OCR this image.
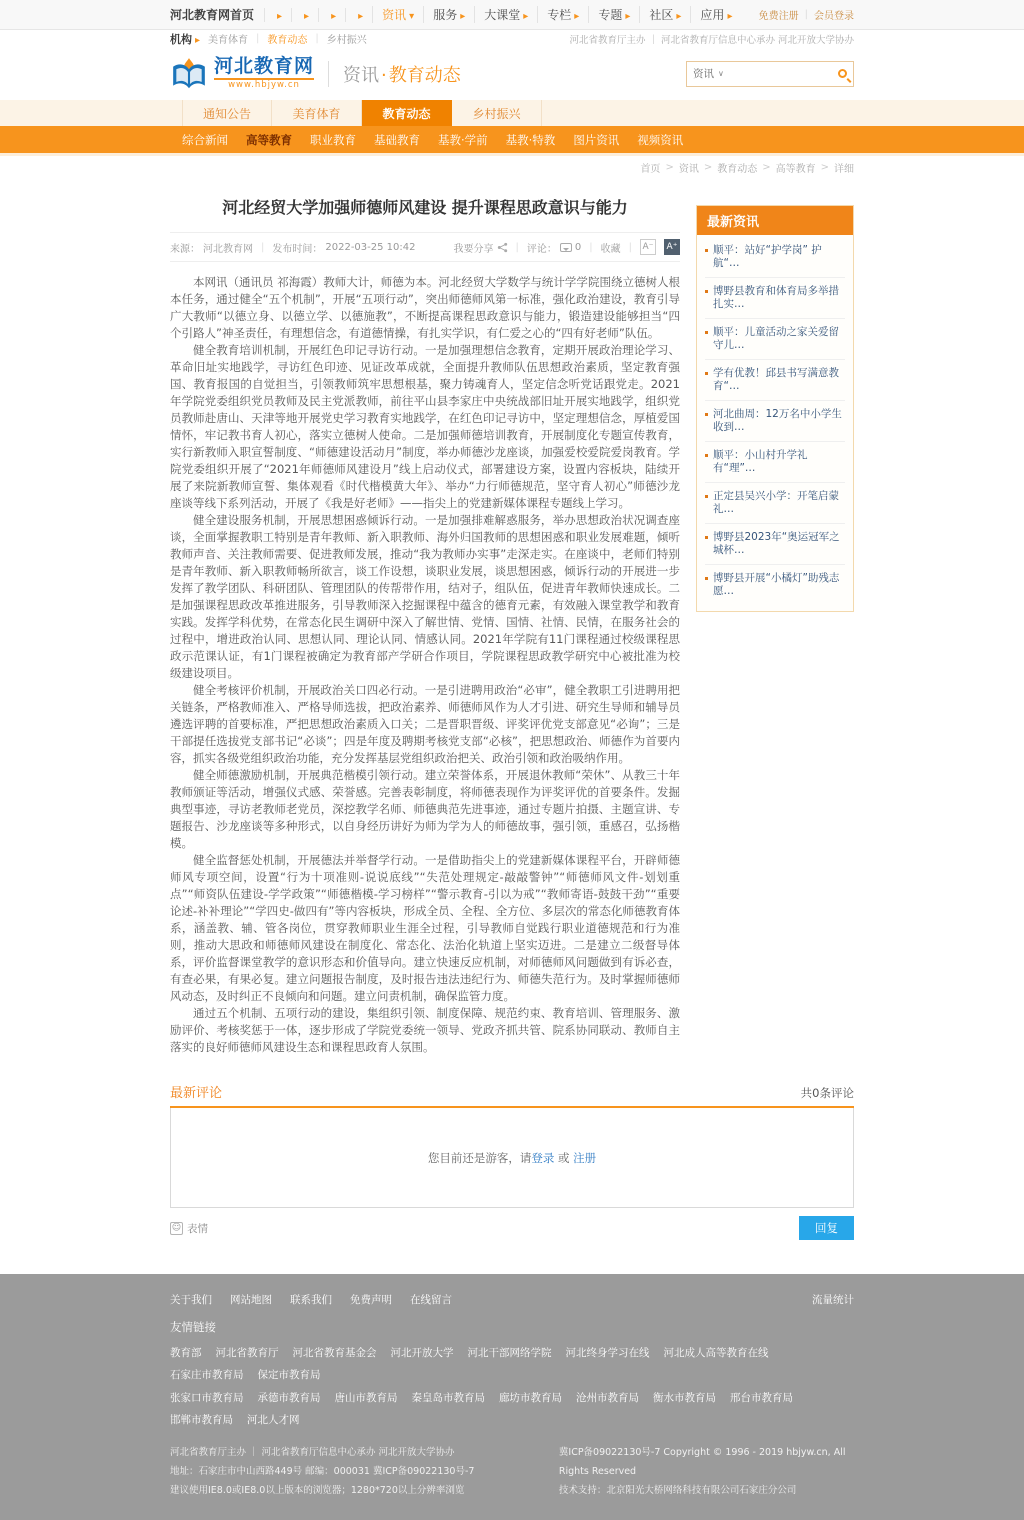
河北教育网首页 ▸ ▸ ▸ ▸	资讯 ▾	服务 ▸	大课堂 ▸	专栏 ▸	专题 ▸	社区 ▸	应用 ▸	免费注册 | 会员登录
机构 ▸	美育体育 | 教育动态 | 乡村振兴	河北省教育厅主办 ｜ 河北省教育厅信息中心承办 河北开放大学协办
河北教育网
www.hbjyw.cn	资讯 · 教育动态	资讯
∨
通知公告	美育体育	教育动态	乡村振兴
综合新闻 高等教育 职业教育 基础教育 基教·学前 基教·特教 图片资讯 视频资讯
首页 > 资讯 > 教育动态 > 高等教育 > 详细
河北经贸大学加强师德师风建设 提升课程思政意识与能力
来源： 河北教育网 | 发布时间： 2022-03-25 10:42	我要分享 | 评论： 0 | 收藏 | A⁻ A⁺

本网讯（通讯员 祁海霞）教师大计，师德为本。河北经贸大学数学与统计学学院围绕立德树人根本任务，通过健全“五个机制”，开展“五项行动”，突出师德师风第一标准，强化政治建设，教育引导广大教师“以德立身、以德立学、以德施教”，不断提高课程思政意识与能力，锻造建设能够担当“四个引路人”神圣责任，有理想信念，有道德情操，有扎实学识，有仁爱之心的“四有好老师”队伍。

健全教育培训机制，开展红色印记寻访行动。一是加强理想信念教育，定期开展政治理论学习、革命旧址实地践学，寻访红色印迹、见证改革成就，全面提升教师队伍思想政治素质，坚定教育强国、教育报国的自觉担当，引领教师筑牢思想根基，聚力铸魂育人，坚定信念听党话跟党走。2021年学院党委组织党员教师及民主党派教师，前往平山县李家庄中央统战部旧址开展实地践学，组织党员教师赴唐山、天津等地开展党史学习教育实地践学，在红色印记寻访中，坚定理想信念，厚植爱国情怀，牢记教书育人初心，落实立德树人使命。二是加强师德培训教育，开展制度化专题宣传教育，实行新教师入职宣誓制度、“师德建设活动月”制度，举办师德沙龙座谈，加强爱校爱院爱岗教育。学院党委组织开展了“2021年师德师风建设月”线上启动仪式，部署建设方案，设置内容板块，陆续开展了来院新教师宣誓、集体观看《时代楷模黄大年》、举办“力行师德规范，坚守育人初心”师德沙龙座谈等线下系列活动，开展了《我是好老师》——指尖上的党建新媒体课程专题线上学习。

健全建设服务机制，开展思想困惑倾诉行动。一是加强排难解惑服务，举办思想政治状况调查座谈，全面掌握教职工特别是青年教师、新入职教师、海外归国教师的思想困惑和职业发展难题，倾听教师声音、关注教师需要、促进教师发展，推动“我为教师办实事”走深走实。在座谈中，老师们特别是青年教师、新入职教师畅所欲言，谈工作设想，谈职业发展，谈思想困惑，倾诉行动的开展进一步发挥了教学团队、科研团队、管理团队的传帮带作用，结对子，组队伍，促进青年教师快速成长。二是加强课程思政改革推进服务，引导教师深入挖掘课程中蕴含的德育元素，有效融入课堂教学和教育实践。发挥学科优势，在常态化民生调研中深入了解世情、党情、国情、社情、民情，在服务社会的过程中，增进政治认同、思想认同、理论认同、情感认同。2021年学院有11门课程通过校级课程思政示范课认证，有1门课程被确定为教育部产学研合作项目，学院课程思政教学研究中心被批准为校级建设项目。

健全考核评价机制，开展政治关口四必行动。一是引进聘用政治“必审”，健全教职工引进聘用把关链条，严格教师准入、严格导师选拔，把政治素养、师德师风作为人才引进、研究生导师和辅导员遴选评聘的首要标准，严把思想政治素质入口关；二是晋职晋级、评奖评优党支部意见“必询”；三是干部提任选拔党支部书记“必谈”；四是年度及聘期考核党支部“必核”，把思想政治、师德作为首要内容，抓实各级党组织政治功能，充分发挥基层党组织政治把关、政治引领和政治吸纳作用。

健全师德激励机制，开展典范楷模引领行动。建立荣誉体系，开展退休教师“荣休”、从教三十年教师颁证等活动，增强仪式感、荣誉感。完善表彰制度，将师德表现作为评奖评优的首要条件。发掘典型事迹，寻访老教师老党员，深挖教学名师、师德典范先进事迹，通过专题片拍摄、主题宣讲、专题报告、沙龙座谈等多种形式，以自身经历讲好为师为学为人的师德故事，强引领，重感召，弘扬楷模。

健全监督惩处机制，开展德法并举督学行动。一是借助指尖上的党建新媒体课程平台，开辟师德师风专项空间，设置“行为十项准则-说说底线”“失范处理规定-敲敲警钟”“师德师风文件-划划重点”“师资队伍建设-学学政策”“师德楷模-学习榜样”“警示教育-引以为戒”“教师寄语-鼓鼓干劲”“重要论述-补补理论”“学四史-做四有”等内容板块，形成全员、全程、全方位、多层次的常态化师德教育体系，涵盖教、辅、管各岗位，贯穿教师职业生涯全过程，引导教师自觉践行职业道德规范和行为准则，推动大思政和师德师风建设在制度化、常态化、法治化轨道上坚实迈进。二是建立二级督导体系，评价监督课堂教学的意识形态和价值导向。建立快速反应机制，对师德师风问题做到有诉必查，有查必果，有果必复。建立问题报告制度，及时报告违法违纪行为、师德失范行为。及时掌握师德师风动态，及时纠正不良倾向和问题。建立问责机制，确保监管力度。

通过五个机制、五项行动的建设，集组织引领、制度保障、规范约束、教育培训、管理服务、激励评价、考核奖惩于一体，逐步形成了学院党委统一领导、党政齐抓共管、院系协同联动、教师自主落实的良好师德师风建设生态和课程思政育人氛围。

最新评论	共0条评论
您目前还是游客，请登录 或 注册
☺ 表情	回复
最新资讯
顺平：站好“护学岗” 护航“…
博野县教育和体育局多举措扎实…
顺平：儿童活动之家关爱留守儿…
学有优教！邱县书写满意教育“…
河北曲周：12万名中小学生收到…
顺平：小山村升学礼 有“理”…
正定县吴兴小学：开笔启蒙 礼…
博野县2023年“奥运冠军之城杯…
博野县开展“小橘灯”助残志愿…
关于我们 网站地图 联系我们 免费声明 在线留言	流量统计
友情链接
教育部 河北省教育厅 河北省教育基金会 河北开放大学 河北干部网络学院 河北终身学习在线 河北成人高等教育在线
石家庄市教育局 保定市教育局
张家口市教育局 承德市教育局 唐山市教育局 秦皇岛市教育局 廊坊市教育局 沧州市教育局 衡水市教育局 邢台市教育局
邯郸市教育局 河北人才网
河北省教育厅主办 ｜ 河北省教育厅信息中心承办 河北开放大学协办
地址：石家庄市中山西路449号 邮编：000031 冀ICP备09022130号-7
建议使用IE8.0或IE8.0以上版本的浏览器；1280*720以上分辨率浏览
冀ICP备09022130号-7 Copyright © 1996 - 2019 hbjyw.cn, All Rights Reserved
技术支持：北京阳光大桥网络科技有限公司石家庄分公司
